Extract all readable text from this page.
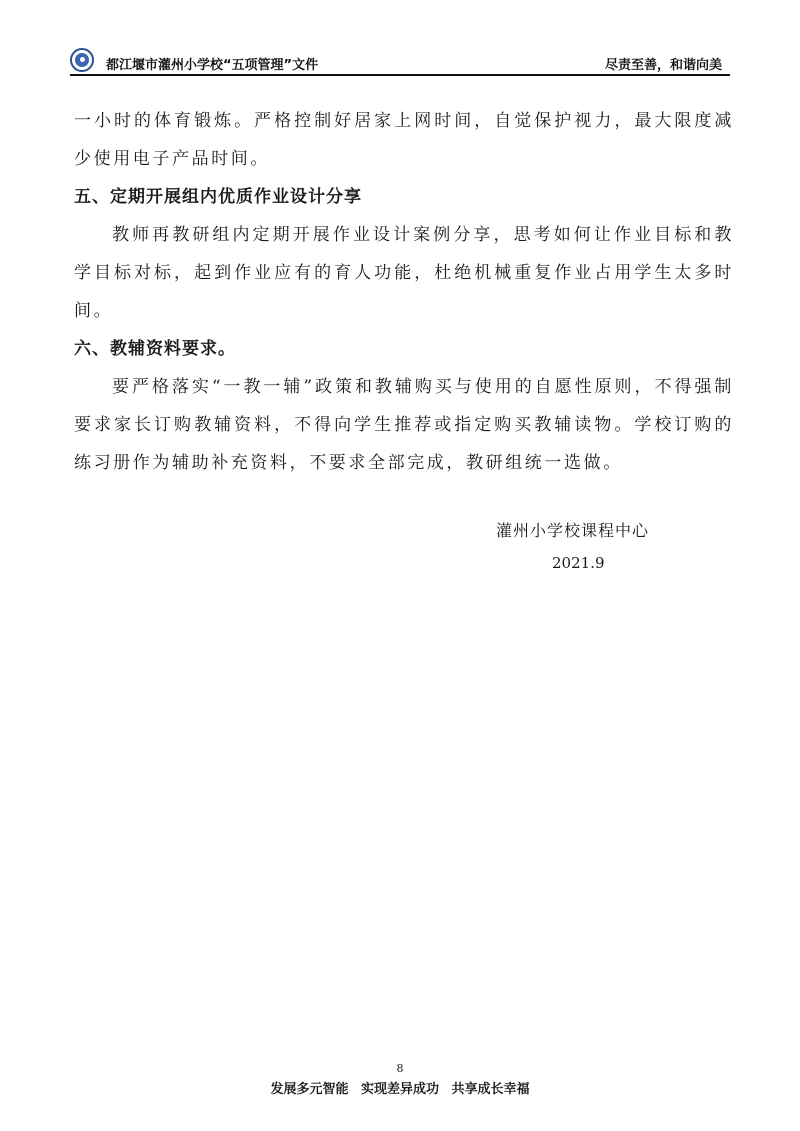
都江堰市灌州小学校“五项管理”文件	尽责至善，和谐向美

一小时的体育锻炼。严格控制好居家上网时间，自觉保护视力，最大限度减少使用电子产品时间。

五、定期开展组内优质作业设计分享

教师再教研组内定期开展作业设计案例分享，思考如何让作业目标和教学目标对标，起到作业应有的育人功能，杜绝机械重复作业占用学生太多时间。

六、教辅资料要求。

要严格落实“一教一辅”政策和教辅购买与使用的自愿性原则，不得强制要求家长订购教辅资料，不得向学生推荐或指定购买教辅读物。学校订购的练习册作为辅助补充资料，不要求全部完成，教研组统一选做。

灌州小学校课程中心
2021.9
8
发展多元智能 实现差异成功 共享成长幸福
